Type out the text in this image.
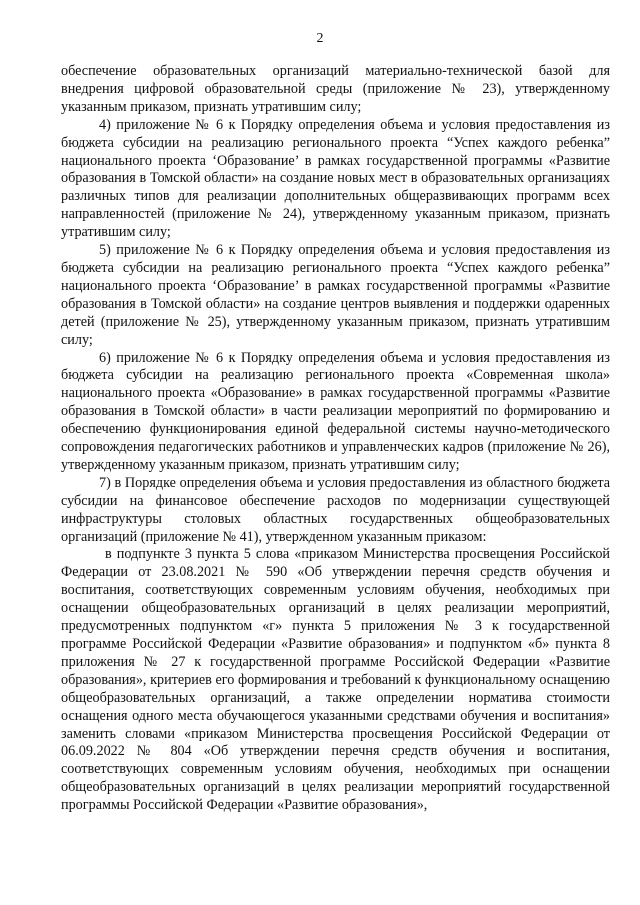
2

обеспечение образовательных организаций материально-технической базой для внедрения цифровой образовательной среды (приложение № 23), утвержденному указанным приказом, признать утратившим силу;

4) приложение № 6 к Порядку определения объема и условия предоставления из бюджета субсидии на реализацию регионального проекта “Успех каждого ребенка” национального проекта ‘Образование’ в рамках государственной программы «Развитие образования в Томской области» на создание новых мест в образовательных организациях различных типов для реализации дополнительных общеразвивающих программ всех направленностей (приложение № 24), утвержденному указанным приказом, признать утратившим силу;

5) приложение № 6 к Порядку определения объема и условия предоставления из бюджета субсидии на реализацию регионального проекта “Успех каждого ребенка” национального проекта ‘Образование’ в рамках государственной программы «Развитие образования в Томской области» на создание центров выявления и поддержки одаренных детей (приложение № 25), утвержденному указанным приказом, признать утратившим силу;

6) приложение № 6 к Порядку определения объема и условия предоставления из бюджета субсидии на реализацию регионального проекта «Современная школа» национального проекта «Образование» в рамках государственной программы «Развитие образования в Томской области» в части реализации мероприятий по формированию и обеспечению функционирования единой федеральной системы научно-методического сопровождения педагогических работников и управленческих кадров (приложение № 26), утвержденному указанным приказом, признать утратившим силу;

7) в Порядке определения объема и условия предоставления из областного бюджета субсидии на финансовое обеспечение расходов по модернизации существующей инфраструктуры столовых областных государственных общеобразовательных организаций (приложение № 41), утвержденном указанным приказом:

в подпункте 3 пункта 5 слова «приказом Министерства просвещения Российской Федерации от 23.08.2021 № 590 «Об утверждении перечня средств обучения и воспитания, соответствующих современным условиям обучения, необходимых при оснащении общеобразовательных организаций в целях реализации мероприятий, предусмотренных подпунктом «г» пункта 5 приложения № 3 к государственной программе Российской Федерации «Развитие образования» и подпунктом «б» пункта 8 приложения № 27 к государственной программе Российской Федерации «Развитие образования», критериев его формирования и требований к функциональному оснащению общеобразовательных организаций, а также определении норматива стоимости оснащения одного места обучающегося указанными средствами обучения и воспитания» заменить словами «приказом Министерства просвещения Российской Федерации от 06.09.2022 № 804 «Об утверждении перечня средств обучения и воспитания, соответствующих современным условиям обучения, необходимых при оснащении общеобразовательных организаций в целях реализации мероприятий государственной программы Российской Федерации «Развитие образования»,
